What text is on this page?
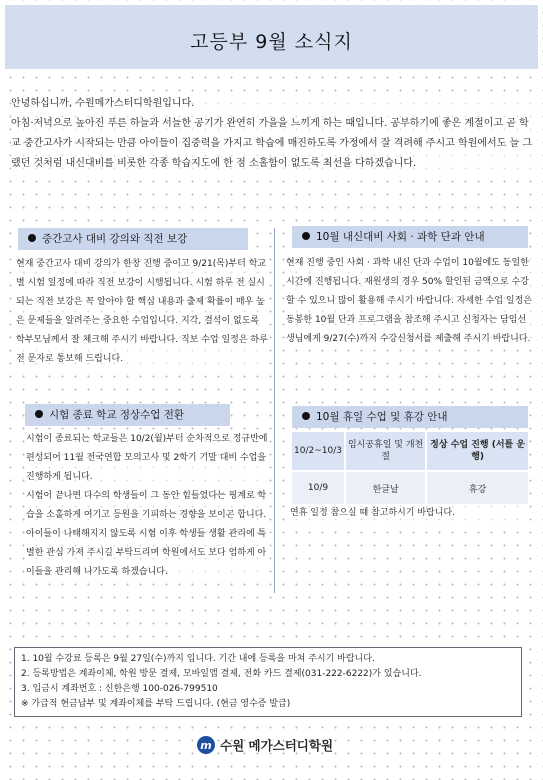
고등부 9월 소식지

안녕하십니까, 수원메가스터디학원입니다.

아침·저녁으로 높아진 푸른 하늘과 서늘한 공기가 완연히 가을을 느끼게 하는 때입니다. 공부하기에 좋은 계절이고 곧 학교 중간고사가 시작되는 만큼 아이들이 집중력을 가지고 학습에 매진하도록 가정에서 잘 격려해 주시고 학원에서도 늘 그랬던 것처럼 내신대비를 비롯한 각종 학습지도에 한 점 소홀함이 없도록 최선을 다하겠습니다.

중간고사 대비 강의와 직전 보강

현재 중간고사 대비 강의가 한창 진행 중이고 9/21(목)부터 학교별 시험 일정에 따라 직전 보강이 시행됩니다. 시험 하루 전 실시되는 직전 보강은 꼭 알아야 할 핵심 내용과 출제 확률이 매우 높은 문제들을 알려주는 중요한 수업입니다. 지각, 결석이 없도록 학부모님께서 잘 체크해 주시기 바랍니다. 직보 수업 일정은 하루 전 문자로 통보해 드립니다.

10월 내신대비 사회 · 과학 단과 안내

현재 진행 중인 사회 · 과학 내신 단과 수업이 10월에도 동일한 시간에 진행됩니다. 재원생의 경우 50% 할인된 금액으로 수강할 수 있으니 많이 활용해 주시기 바랍니다. 자세한 수업 일정은 동봉한 10월 단과 프로그램을 참조해 주시고 신청자는 담임선생님에게 9/27(수)까지 수강신청서를 제출해 주시기 바랍니다.

시험 종료 학교 정상수업 전환

시험이 종료되는 학교들은 10/2(월)부터 순차적으로 정규반에 편성되어 11월 전국연합 모의고사 및 2학기 기말 대비 수업을 진행하게 됩니다.

시험이 끝나면 다수의 학생들이 그 동안 힘들었다는 핑계로 학습을 소홀하게 여기고 등원을 기피하는 경향을 보이곤 합니다. 아이들이 나태해지지 않도록 시험 이후 학생들 생활 관리에 특별한 관심 가져 주시길 부탁드리며 학원에서도 보다 엄하게 아이들을 관리해 나가도록 하겠습니다.

10월 휴일 수업 및 휴강 안내
10/2~10/3	임시공휴일 및 개천절	정상 수업 진행 (서틀 운행)
10/9	한글날	휴강

연휴 일정 참으실 때 참고하시기 바랍니다.

1. 10월 수강료 등록은 9월 27일(수)까지 입니다. 기간 내에 등록을 마쳐 주시기 바랍니다.

2. 등록방법은 계좌이체, 학원 방문 결제, 모바일앱 결제, 전화 카드 결제(031-222-6222)가 있습니다.

3. 입금시 계좌번호 : 신한은행 100-026-799510

※ 가급적 현금납부 및 계좌이체를 부탁 드립니다. (현금 영수증 발급)

m 수원 메가스터디학원
